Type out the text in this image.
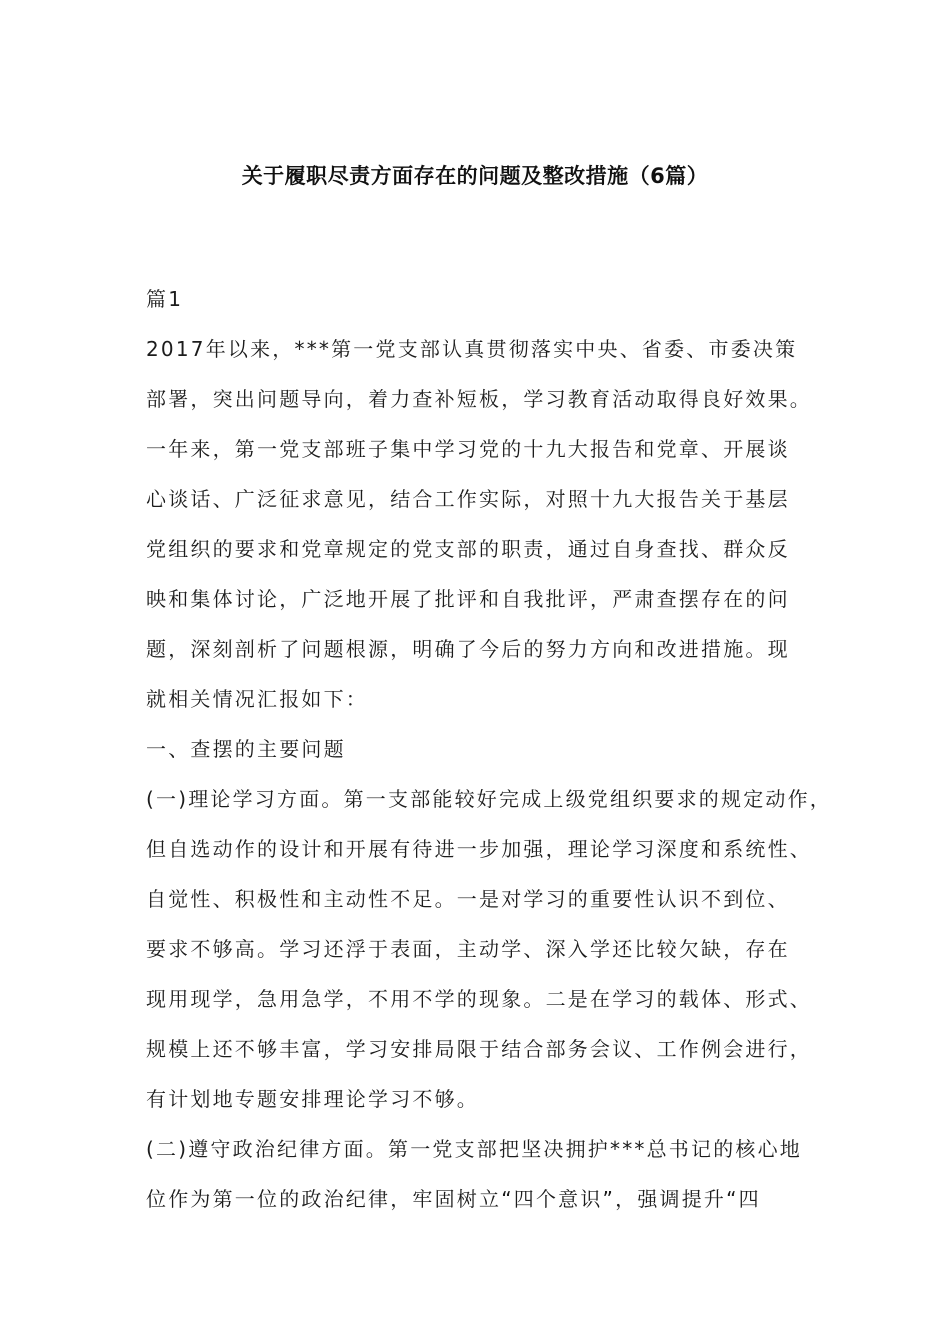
关于履职尽责方面存在的问题及整改措施（6篇）
篇1
2017年以来，***第一党支部认真贯彻落实中央、省委、市委决策
部署，突出问题导向，着力查补短板，学习教育活动取得良好效果。
一年来，第一党支部班子集中学习党的十九大报告和党章、开展谈
心谈话、广泛征求意见，结合工作实际，对照十九大报告关于基层
党组织的要求和党章规定的党支部的职责，通过自身查找、群众反
映和集体讨论，广泛地开展了批评和自我批评，严肃查摆存在的问
题，深刻剖析了问题根源，明确了今后的努力方向和改进措施。现
就相关情况汇报如下：
一、查摆的主要问题
(一)理论学习方面。第一支部能较好完成上级党组织要求的规定动作，
但自选动作的设计和开展有待进一步加强，理论学习深度和系统性、
自觉性、积极性和主动性不足。一是对学习的重要性认识不到位、
要求不够高。学习还浮于表面，主动学、深入学还比较欠缺，存在
现用现学，急用急学，不用不学的现象。二是在学习的载体、形式、
规模上还不够丰富，学习安排局限于结合部务会议、工作例会进行，
有计划地专题安排理论学习不够。
(二)遵守政治纪律方面。第一党支部把坚决拥护***总书记的核心地
位作为第一位的政治纪律，牢固树立“四个意识”，强调提升“四
